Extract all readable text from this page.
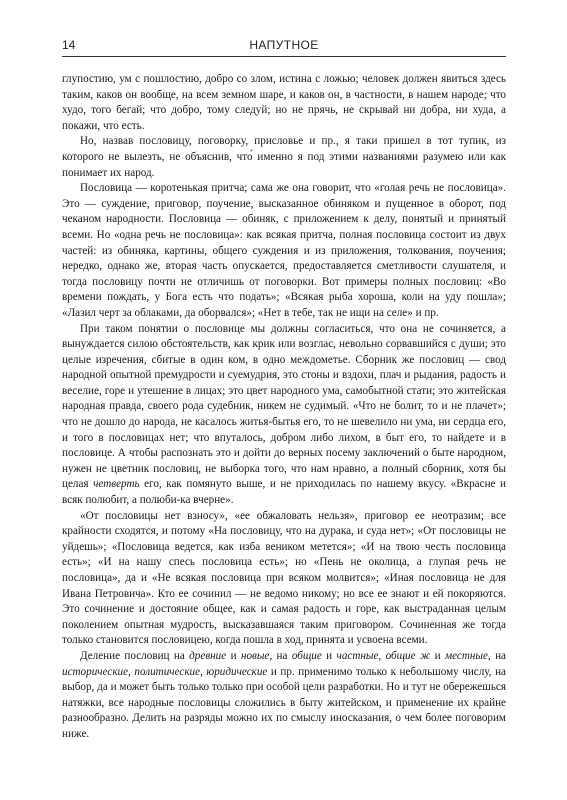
14	НАПУТНОЕ

глупостию, ум с пошлостию, добро со злом, истина с ложью; человек должен явиться здесь таким, каков он вообще, на всем земном шаре, и каков он, в частности, в нашем народе; что худо, того бегай; что добро, тому следуй; но не прячь, не скрывай ни добра, ни худа, а покажи, что есть.

Но, назвав пословицу, поговорку, присловье и пр., я таки пришел в тот тупик, из которого не вылезть, не объяснив, что́ именно я под этими названиями разумею или как понимает их народ.

Пословица — коротенькая притча; сама же она говорит, что «голая речь не пословица». Это — суждение, приговор, поучение, высказанное обиняком и пущенное в оборот, под чеканом народности. Пословица — обиняк, с приложением к делу, понятый и принятый всеми. Но «одна речь не пословица»: как всякая притча, полная пословица состоит из двух частей: из обиняка, картины, общего суждения и из приложения, толкования, поучения; нередко, однако же, вторая часть опускается, предоставляется сметливости слушателя, и тогда пословицу почти не отличишь от поговорки. Вот примеры полных пословиц: «Во времени пождать, у Бога есть что подать»; «Всякая рыба хороша, коли на уду пошла»; «Лазил черт за облаками, да оборвался»; «Нет в тебе, так не ищи на селе» и пр.

При таком понятии о пословице мы должны согласиться, что она не сочиняется, а вынуждается силою обстоятельств, как крик или возглас, невольно сорвавшийся с души; это целые изречения, сбитые в один ком, в одно междометье. Сборник же пословиц — свод народной опытной премудрости и суемудрия, это стоны и вздохи, плач и рыдания, радость и веселие, горе и утешение в лицах; это цвет народного ума, самобытной стати; это житейская народная правда, своего рода судебник, никем не судимый. «Что не болит, то и не плачет»; что не дошло до народа, не касалось житья-бытья его, то не шевелило ни ума, ни сердца его, и того в пословицах нет; что впуталось, добром либо лихом, в быт его, то найдете и в пословице. А чтобы распознать это и дойти до верных посему заключений о быте народном, нужен не цветник пословиц, не выборка того, что нам нравно, а полный сборник, хотя бы целая четверть его, как помянуто выше, и не приходилась по нашему вкусу. «Вкрасне и всяк полюбит, а полюби-ка вчерне».

«От пословицы нет взносу», «ее обжаловать нельзя», приговор ее неотразим; все крайности сходятся, и потому «На пословицу, что на дурака, и суда нет»; «От пословицы не уйдешь»; «Пословица ведется, как изба веником метется»; «И на твою честь пословица есть»; «И на нашу спесь пословица есть»; но «Пень не околица, а глупая речь не пословица», да и «Не всякая пословица при всяком молвится»; «Иная пословица не для Ивана Петровича». Кто ее сочинил — не ведомо никому; но все ее знают и ей покоряются. Это сочинение и достояние общее, как и самая радость и горе, как выстраданная целым поколением опытная мудрость, высказавшаяся таким приговором. Сочиненная же тогда только становится пословицею, когда пошла в ход, принята и усвоена всеми.

Деление пословиц на древние и новые, на общие и частные, общие ж и местные, на исторические, политические, юридические и пр. применимо только к небольшому числу, на выбор, да и может быть только только при особой цели разработки. Но и тут не обережешься натяжки, все народные пословицы сложились в быту житейском, и применение их крайне разнообразно. Делить на разряды можно их по смыслу иносказания, о чем более поговорим ниже.
